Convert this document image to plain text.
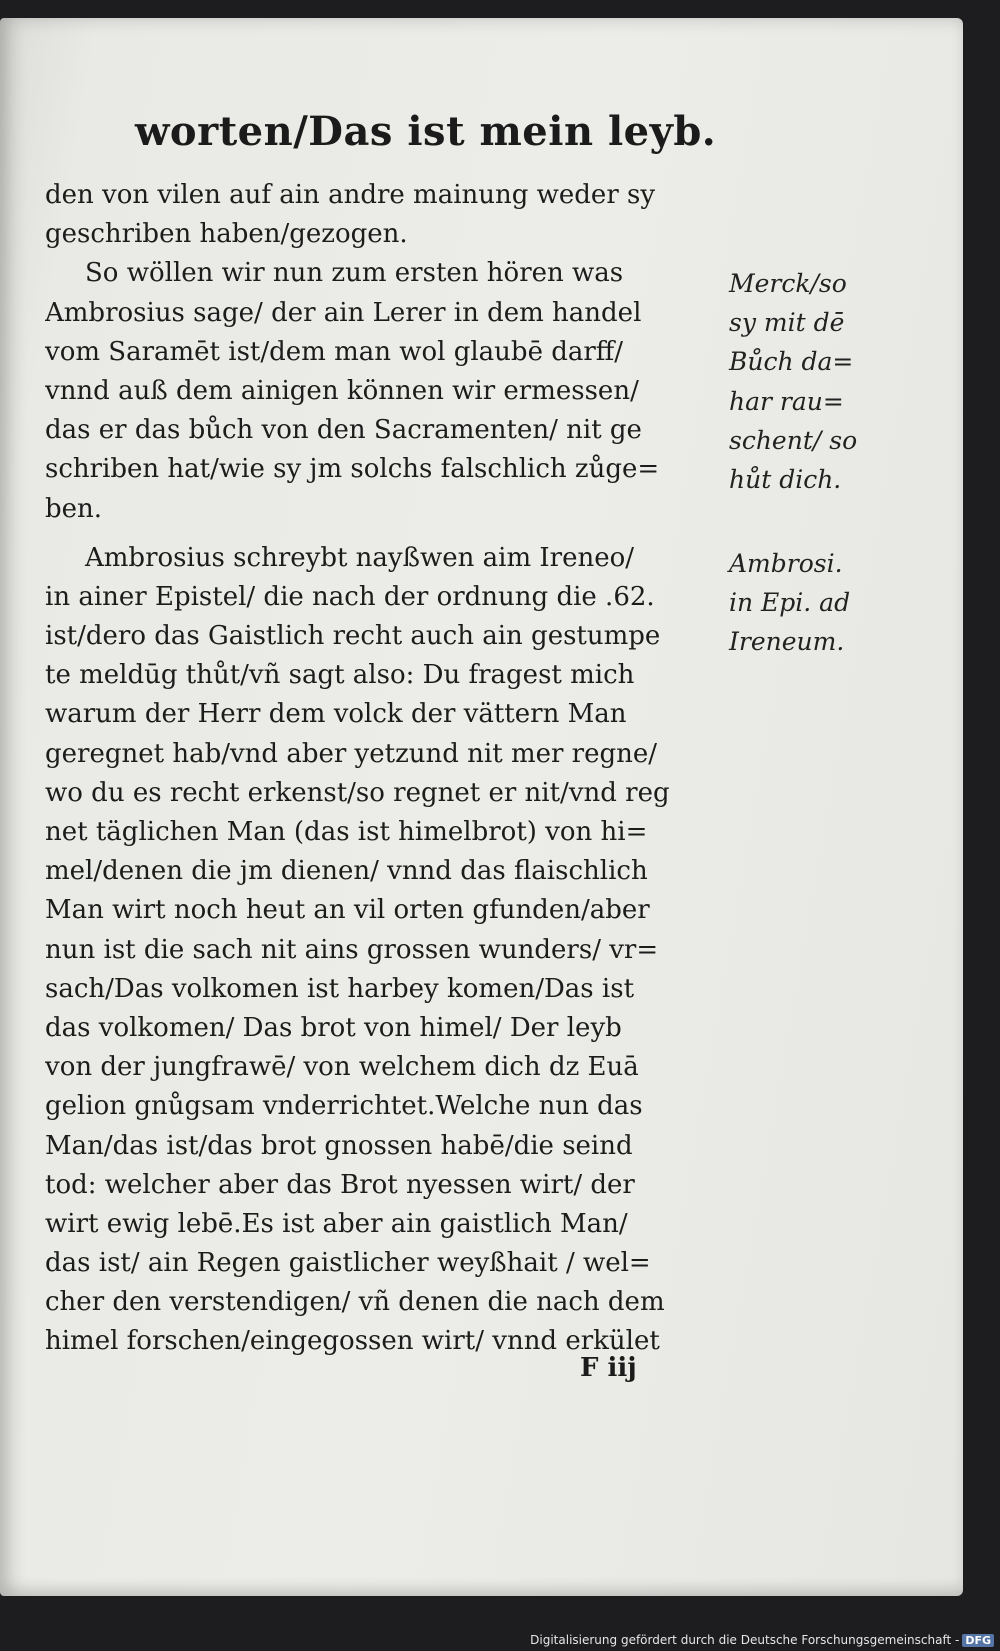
worten/Das ist mein leyb.
den von vilen auf ain andre mainung weder sy
geschriben haben/gezogen.
So wöllen wir nun zum ersten hören was
Ambrosius sage/ der ain Lerer in dem handel
vom Saramēt ist/dem man wol glaubē darff/
vnnd auß dem ainigen können wir ermessen/
das er das bůch von den Sacramenten/ nit ge
schriben hat/wie sy jm solchs falschlich zůge=
ben.
Ambrosius schreybt nayßwen aim Ireneo/
in ainer Epistel/ die nach der ordnung die .62.
ist/dero das Gaistlich recht auch ain gestumpe
te meldūg thůt/vñ sagt also: Du fragest mich
warum der Herr dem volck der vättern Man
geregnet hab/vnd aber yetzund nit mer regne/
wo du es recht erkenst/so regnet er nit/vnd reg
net täglichen Man (das ist himelbrot) von hi=
mel/denen die jm dienen/ vnnd das flaischlich
Man wirt noch heut an vil orten gfunden/aber
nun ist die sach nit ains grossen wunders/ vr=
sach/Das volkomen ist harbey komen/Das ist
das volkomen/ Das brot von himel/ Der leyb
von der jungfrawē/ von welchem dich dz Euā
gelion gnůgsam vnderrichtet.Welche nun das
Man/das ist/das brot gnossen habē/die seind
tod: welcher aber das Brot nyessen wirt/ der
wirt ewig lebē.Es ist aber ain gaistlich Man/
das ist/ ain Regen gaistlicher weyßhait / wel=
cher den verstendigen/ vñ denen die nach dem
himel forschen/eingegossen wirt/ vnnd erkület
Merck/so
sy mit dē
Bůch da=
har rau=
schent/ so
hůt dich.
Ambrosi.
in Epi. ad
Ireneum.
F iij
Digitalisierung gefördert durch die Deutsche Forschungsgemeinschaft - DFG
